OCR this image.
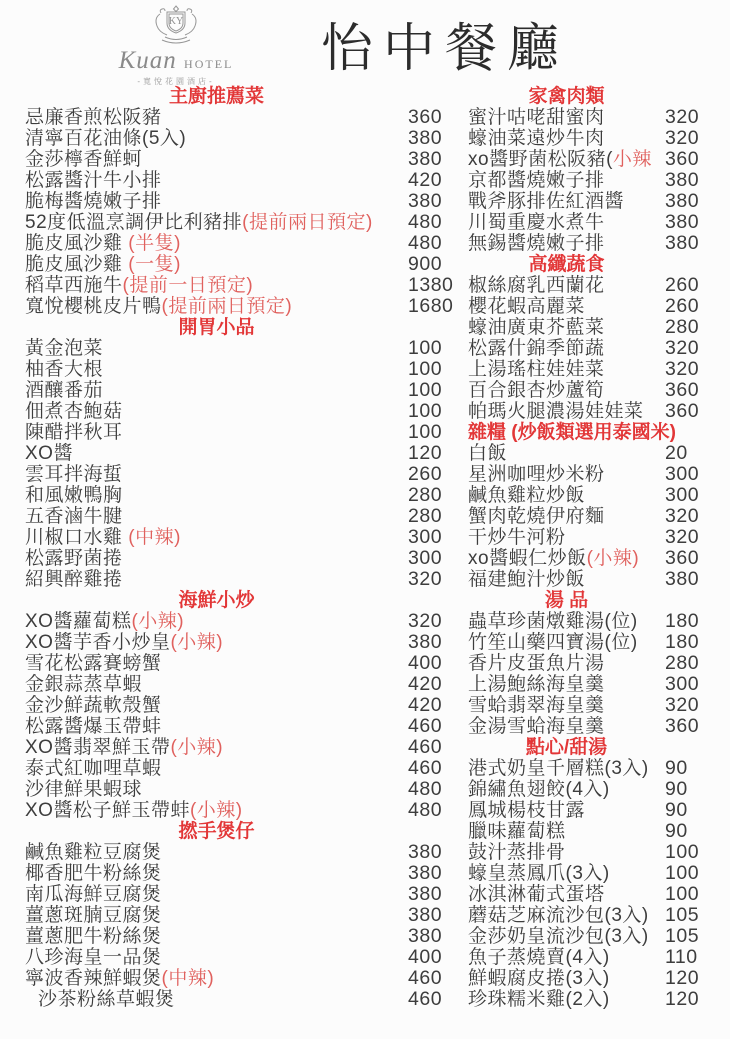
KY
Kuan HOTEL
-寬悅花園酒店-
怡中餐廳
主廚推薦菜
忌廉香煎松阪豬	360
清寧百花油條(5入)	380
金莎檸香鮮蚵	380
松露醬汁牛小排	420
脆梅醬燒嫩子排	380
52度低溫烹調伊比利豬排(提前兩日預定) 480
脆皮風沙雞 (半隻)	480
脆皮風沙雞 (一隻)	900
稻草西施牛(提前一日預定)	1380
寬悅櫻桃皮片鴨(提前兩日預定)	1680
開胃小品
黃金泡菜	100
柚香大根	100
酒釀番茄	100
佃煮杏鮑菇	100
陳醋拌秋耳	100
XO醬	120
雲耳拌海蜇	260
和風嫩鴨胸	280
五香滷牛腱	280
川椒口水雞 (中辣)	300
松露野菌捲	300
紹興醉雞捲	320
海鮮小炒
XO醬蘿蔔糕(小辣)	320
XO醬芋香小炒皇(小辣)	380
雪花松露賽螃蟹	400
金銀蒜蒸草蝦	420
金沙鮮蔬軟殼蟹	420
松露醬爆玉帶蚌	460
XO醬翡翠鮮玉帶(小辣)	460
泰式紅咖哩草蝦	460
沙律鮮果蝦球	480
XO醬松子鮮玉帶蚌(小辣)	480
撚手煲仔
鹹魚雞粒豆腐煲	380
椰香肥牛粉絲煲	380
南瓜海鮮豆腐煲	380
薑蔥斑腩豆腐煲	380
薑蔥肥牛粉絲煲	380
八珍海皇一品煲	400
寧波香辣鮮蝦煲(中辣)	460
沙茶粉絲草蝦煲	460
家禽肉類
蜜汁咕咾甜蜜肉	320
蠔油菜遠炒牛肉	320
xo醬野菌松阪豬(小辣 360
京都醬燒嫩子排	380
戰斧豚排佐紅酒醬 380
川蜀重慶水煮牛	380
無錫醬燒嫩子排	380
高纖蔬食
椒絲腐乳西蘭花	260
櫻花蝦高麗菜	260
蠔油廣東芥藍菜	280
松露什錦季節蔬	320
上湯瑤柱娃娃菜	320
百合銀杏炒蘆筍	360
帕瑪火腿濃湯娃娃菜 360
雜糧 (炒飯類選用泰國米)
白飯	20
星洲咖哩炒米粉	300
鹹魚雞粒炒飯	300
蟹肉乾燒伊府麵	320
干炒牛河粉	320
xo醬蝦仁炒飯(小辣) 360
福建鮑汁炒飯	380
湯 品
蟲草珍菌燉雞湯(位) 180
竹笙山藥四寶湯(位) 180
香片皮蛋魚片湯	280
上湯鮑絲海皇羹	300
雪蛤翡翠海皇羹	320
金湯雪蛤海皇羹	360
點心/甜湯
港式奶皇千層糕(3入) 90
錦繡魚翅餃(4入)	90
鳳城楊枝甘露	90
臘味蘿蔔糕	90
鼓汁蒸排骨	100
蠔皇蒸鳳爪(3入)	100
冰淇淋葡式蛋塔	100
蘑菇芝麻流沙包(3入) 105
金莎奶皇流沙包(3入) 105
魚子蒸燒賣(4入)	110
鮮蝦腐皮捲(3入)	120
珍珠糯米雞(2入)	120
